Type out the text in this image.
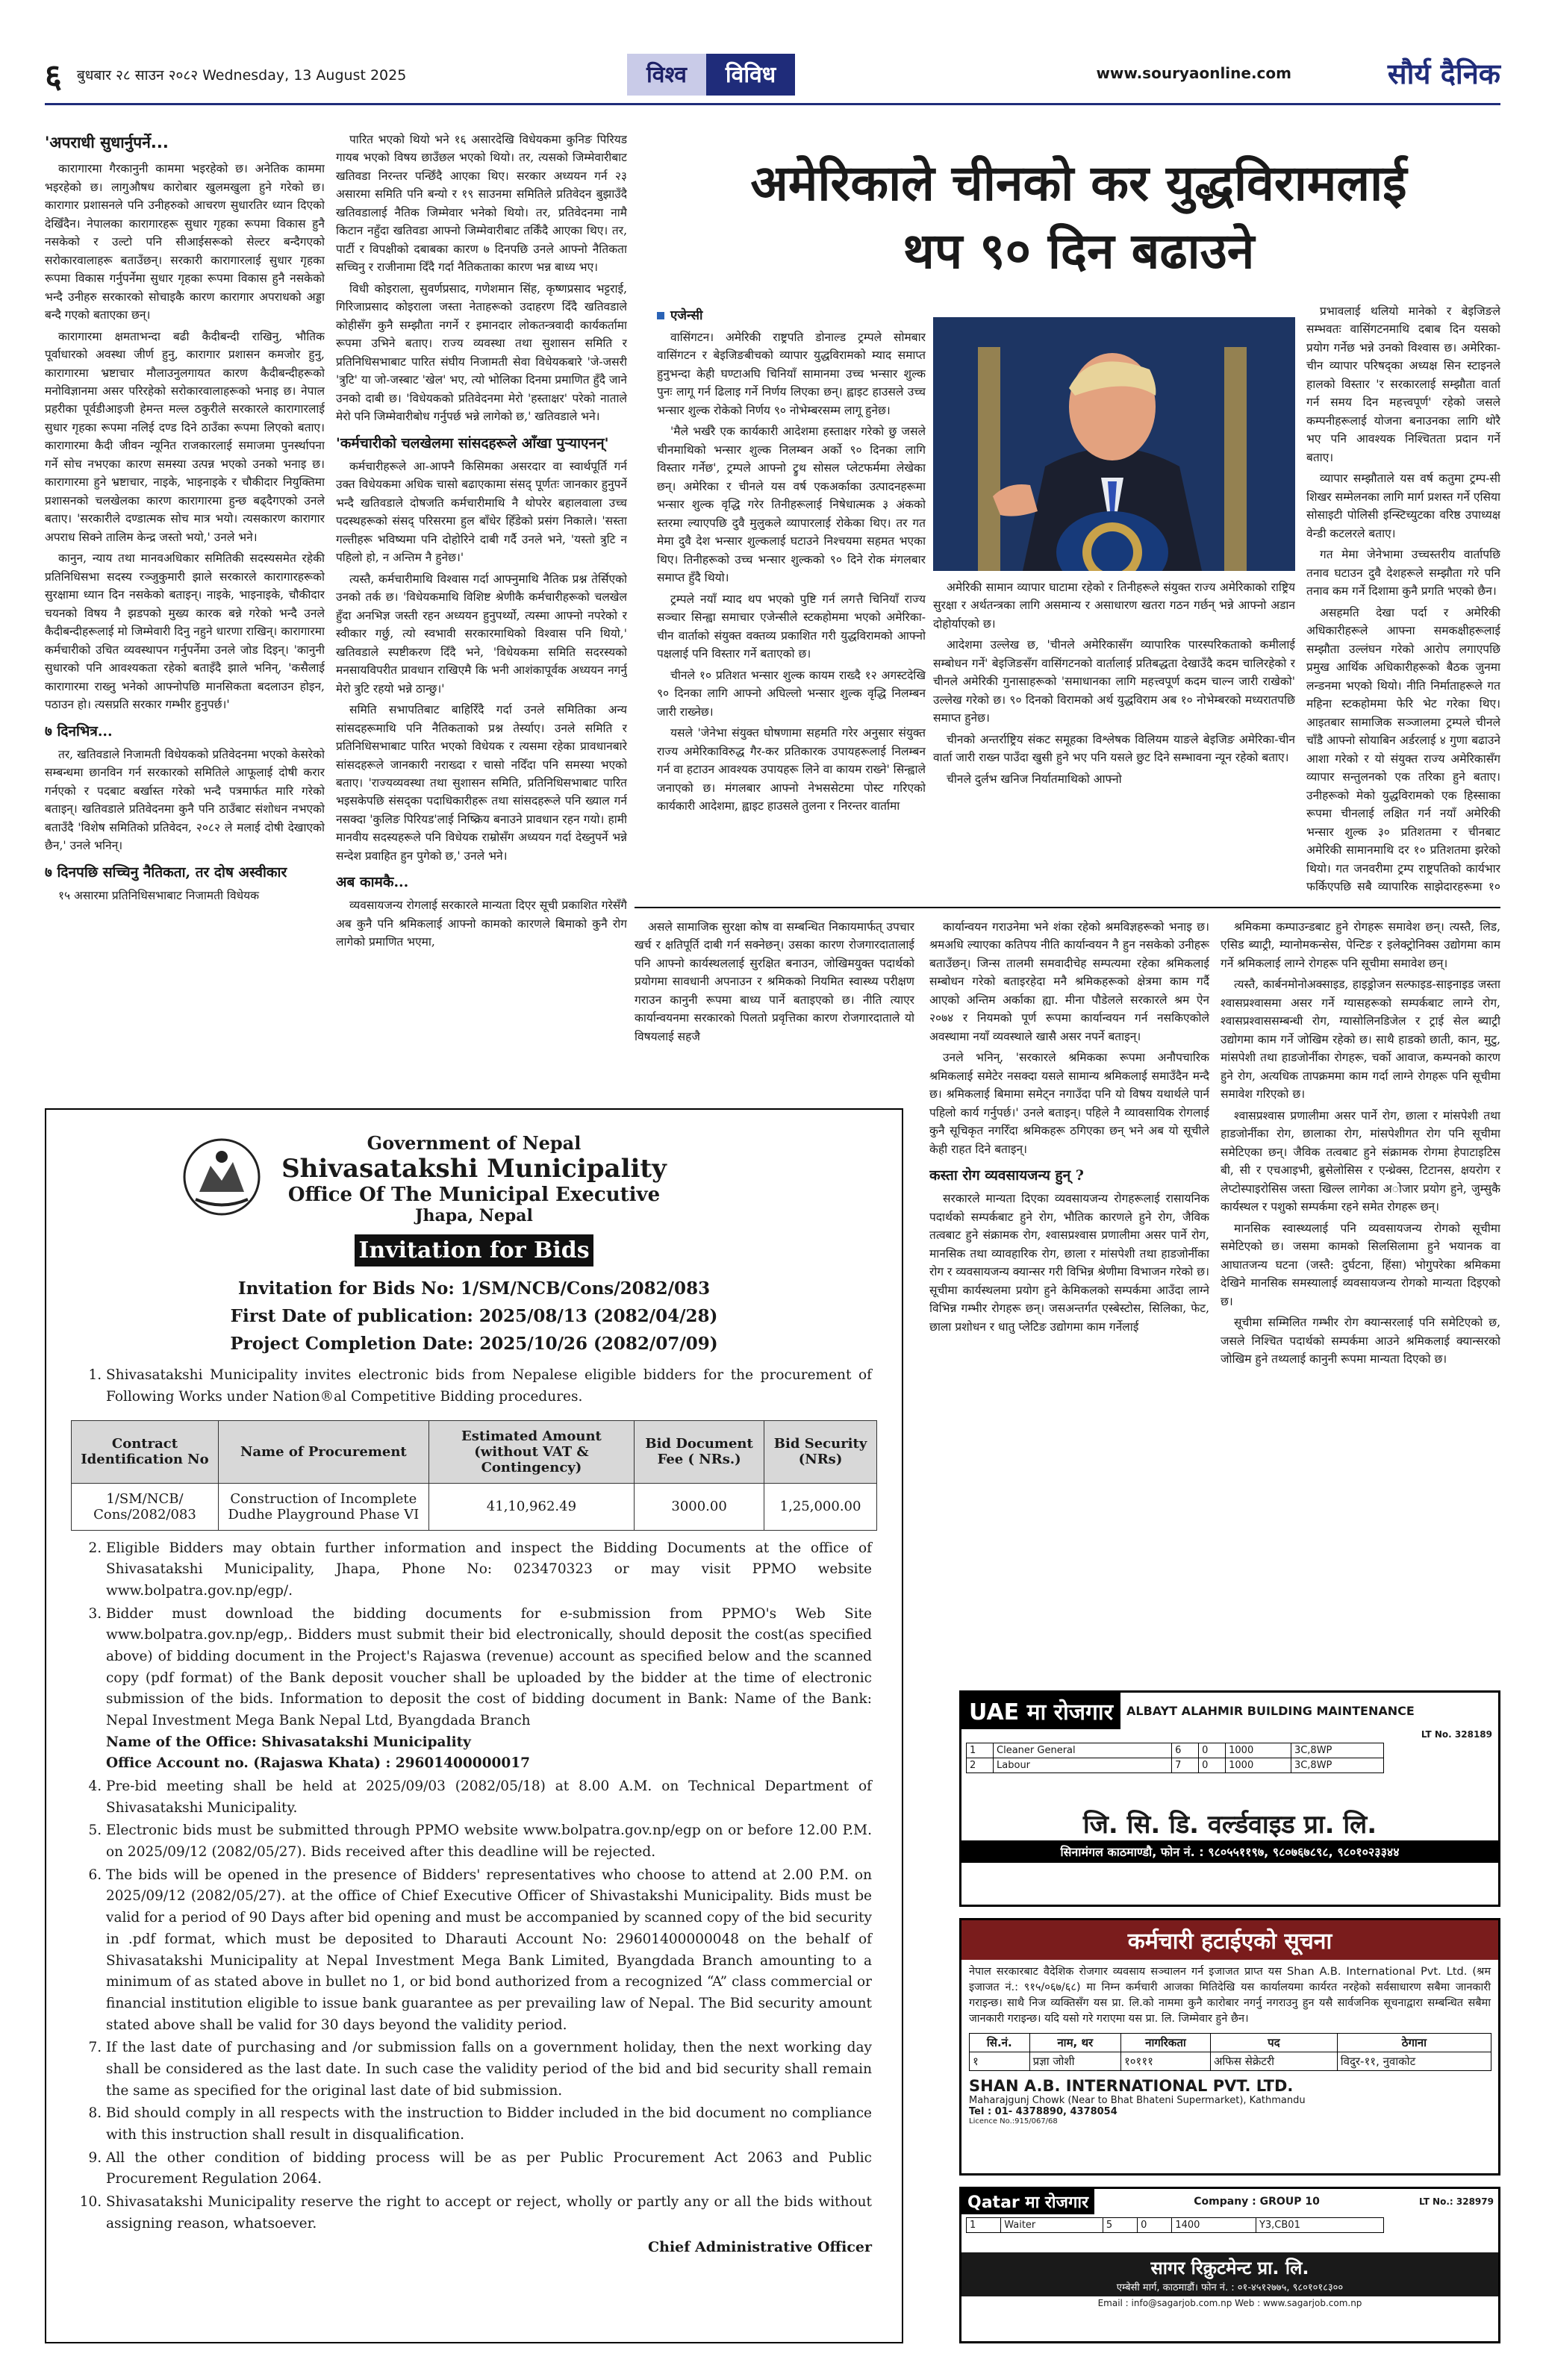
६ बुधबार २८ साउन २०८२ Wednesday, 13 August 2025	विश्व	विविध	www.souryaonline.com	सौर्य दैनिक
'अपराधी सुधार्नुपर्ने...

कारागारमा गैरकानुनी काममा भइरहेको छ। अनेतिक काममा भइरहेको छ। लागुऔषध कारोबार खुलमखुला हुने गरेको छ। कारागार प्रशासनले पनि उनीहरुको आचरण सुधारतिर ध्यान दिएको देखिँदैन। नेपालका कारागारहरू सुधार गृहका रूपमा विकास हुनै नसकेको र उल्टो पनि सीआईसरूको सेल्टर बन्दैगएको सरोकारवालाहरू बताउँछन्। सरकारी कारागारलाई सुधार गृहका रूपमा विकास गर्नुपर्नेमा सुधार गृहका रूपमा विकास हुनै नसकेको भन्दै उनीहरु सरकारको सोचाइकै कारण कारागार अपराधको अड्डा बन्दै गएको बताएका छन्।

कारागारमा क्षमताभन्दा बढी कैदीबन्दी राखिनु, भौतिक पूर्वाधारको अवस्था जीर्ण हुनु, कारागार प्रशासन कमजोर हुनु, कारागारमा भ्रष्टाचार मौलाउनुलगायत कारण कैदीबन्दीहरूको मनोविज्ञानमा असर परिरहेको सरोकारवालाहरूको भनाइ छ। नेपाल प्रहरीका पूर्वडीआइजी हेमन्त मल्ल ठकुरीले सरकारले कारागारलाई सुधार गृहका रूपमा नलिई दण्ड दिने ठाउँका रूपमा लिएको बताए। कारागारमा कैदी जीवन न्यूनित राजकारलाई समाजमा पुनर्स्थापना गर्ने सोच नभएका कारण समस्या उत्पन्न भएको उनको भनाइ छ। कारागारमा हुने भ्रष्टाचार, नाइके, भाइनाइके र चौकीदार नियुक्तिमा प्रशासनको चलखेलका कारण कारागारमा हुन्छ बढ्दैगएको उनले बताए। 'सरकारीले दण्डात्मक सोच मात्र भयो। त्यसकारण कारागार अपराध सिक्ने तालिम केन्द्र जस्तो भयो,' उनले भने।

कानुन, न्याय तथा मानवअधिकार समितिकी सदस्यसमेत रहेकी प्रतिनिधिसभा सदस्य रञ्जुकुमारी झाले सरकारले कारागारहरूको सुरक्षामा ध्यान दिन नसकेको बताइन्। नाइके, भाइनाइके, चौकीदार चयनको विषय नै झडपको मुख्य कारक बन्ने गरेको भन्दै उनले कैदीबन्दीहरूलाई मो जिम्मेवारी दिनु नहुने धारणा राखिन्। कारागारमा कर्मचारीको उचित व्यवस्थापन गर्नुपर्नेमा उनले जोड दिइन्। 'कानुनी सुधारको पनि आवश्यकता रहेको बताइँदै झाले भनिन्, 'कसैलाई कारागारमा राख्नु भनेको आफ्नोपछि मानसिकता बदलाउन होइन, पठाउन हो। त्यसप्रति सरकार गम्भीर हुनुपर्छ।'

७ दिनभित्र...

तर, खतिवडाले निजामती विधेयकको प्रतिवेदनमा भएको केसरेको सम्बन्धमा छानविन गर्न सरकारको समितिले आफूलाई दोषी करार गर्नएको र पदबाट बर्खास्त गरेको भन्दै पत्रमार्फत मारि गरेको बताइन्। खतिवडाले प्रतिवेदनमा कुनै पनि ठाउँबाट संशोधन नभएको बताउँदै 'विशेष समितिको प्रतिवेदन, २०८२ ले मलाई दोषी देखाएको छैन,' उनले भनिन्।

७ दिनपछि सच्चिनु नैतिकता, तर दोष अस्वीकार

१५ असारमा प्रतिनिधिसभाबाट निजामती विधेयक

पारित भएको थियो भने १६ असारदेखि विधेयकमा कुनिङ पिरियड गायब भएको विषय छाउँछल भएको थियो। तर, त्यसको जिम्मेवारीबाट खतिवडा निरन्तर पन्छिँदै आएका थिए। सरकार अध्ययन गर्न २३ असारमा समिति पनि बन्यो र १९ साउनमा समितिले प्रतिवेदन बुझाउँदै खतिवडालाई नैतिक जिम्मेवार भनेको थियो। तर, प्रतिवेदनमा नामै किटान नहुँदा खतिवडा आफ्नो जिम्मेवारीबाट तर्किँदै आएका थिए। तर, पार्टी र विपक्षीको दबाबका कारण ७ दिनपछि उनले आफ्नो नैतिकता सच्चिनु र राजीनामा दिँदै गर्दा नैतिकताका कारण भन्न बाध्य भए।

विधी कोइराला, सुवर्णप्रसाद, गणेशमान सिंह, कृष्णप्रसाद भट्टराई, गिरिजाप्रसाद कोइराला जस्ता नेताहरूको उदाहरण दिँदै खतिवडाले कोहीसँग कुनै सम्झौता नगर्ने र इमानदार लोकतन्त्रवादी कार्यकर्तामा रूपमा उभिने बताए। राज्य व्यवस्था तथा सुशासन समिति र प्रतिनिधिसभाबाट पारित संघीय निजामती सेवा विधेयकबारे 'जे-जसरी 'त्रुटि' या जो-जस्बाट 'खेल' भए, त्यो भोलिका दिनमा प्रमाणित हुँदै जाने उनको दाबी छ। 'विधेयकको प्रतिवेदनमा मेरो 'हस्ताक्षर' परेको नाताले मेरो पनि जिम्मेवारीबोध गर्नुपर्छ भन्ने लागेको छ,' खतिवडाले भने।

'कर्मचारीको चलखेलमा सांसदहरूले आँखा पुऱ्याएनन्'

कर्मचारीहरूले आ-आफ्नै किसिमका असरदार वा स्वार्थपूर्ति गर्न उक्त विधेयकमा अधिक चासो बढाएकामा संसद् पूर्णतः जानकार हुनुपर्ने भन्दै खतिवडाले दोषजति कर्मचारीमाथि नै थोपरेर बहालवाला उच्च पदस्थहरूको संसद् परिसरमा हुल बाँधेर हिँडेको प्रसंग निकाले। 'सस्ता गल्तीहरू भविष्यमा पनि दोहोरिने दाबी गर्दै उनले भने, 'यस्तो त्रुटि न पहिलो हो, न अन्तिम नै हुनेछ।'

त्यस्तै, कर्मचारीमाथि विश्वास गर्दा आफ्नुमाथि नैतिक प्रश्न तेर्सिएको उनको तर्क छ। 'विधेयकमाथि विशिष्ट श्रेणीकै कर्मचारीहरूको चलखेल हुँदा अनभिज्ञ जस्ती रहन अध्ययन हुनुपर्थ्यो, त्यस्मा आफ्नो नपरेको र स्वीकार गर्छु, त्यो स्वभावी सरकारमाथिको विश्वास पनि थियो,' खतिवडाले स्पष्टीकरण दिँदै भने, 'विधेयकमा समिति सदरस्यको मनसायविपरीत प्रावधान राखिएमै कि भनी आशंकापूर्वक अध्ययन नगर्नु मेरो त्रुटि रहयो भन्ने ठान्छु।'

समिति सभापतिबाट बाहिरिँदै गर्दा उनले समितिका अन्य सांसदहरूमाथि पनि नैतिकताको प्रश्न तेर्स्याए। उनले समिति र प्रतिनिधिसभाबाट पारित भएको विधेयक र त्यसमा रहेका प्रावधानबारे सांसदहरूले जानकारी नराख्दा र चासो नदिँदा पनि समस्या भएको बताए। 'राज्यव्यवस्था तथा सुशासन समिति, प्रतिनिधिसभाबाट पारित भइसकेपछि संसद्का पदाधिकारीहरू तथा सांसदहरूले पनि ख्याल गर्न नसक्दा 'कुलिङ पिरियड'लाई निष्क्रिय बनाउने प्रावधान रहन गयो। हामी मानवीय सदस्यहरूले पनि विधेयक राम्रोसँग अध्ययन गर्दा देख्नुपर्ने भन्ने सन्देश प्रवाहित हुन पुगेको छ,' उनले भने।

अब कामकै...

व्यवसायजन्य रोगलाई सरकारले मान्यता दिएर सूची प्रकाशित गरेसँगै अब कुनै पनि श्रमिकलाई आफ्नो कामको कारणले बिमाको कुनै रोग लागेको प्रमाणित भएमा,

अमेरिकाले चीनको कर युद्धविरामलाई
थप ९० दिन बढाउने
एजेन्सी

वासिंगटन। अमेरिकी राष्ट्रपति डोनाल्ड ट्रम्पले सोमबार वासिंगटन र बेइजिङबीचको व्यापार युद्धविरामको म्याद समाप्त हुनुभन्दा केही घण्टाअघि चिनियाँ सामानमा उच्च भन्सार शुल्क पुनः लागू गर्न ढिलाइ गर्ने निर्णय लिएका छन्। ह्वाइट हाउसले उच्च भन्सार शुल्क रोकेको निर्णय ९० नोभेम्बरसम्म लागू हुनेछ।

'मैले भर्खरै एक कार्यकारी आदेशमा हस्ताक्षर गरेको छु जसले चीनमाथिको भन्सार शुल्क निलम्बन अर्को ९० दिनका लागि विस्तार गर्नेछ', ट्रम्पले आफ्नो ट्रुथ सोसल प्लेटफर्ममा लेखेका छन्। अमेरिका र चीनले यस वर्ष एकअर्काका उत्पादनहरूमा भन्सार शुल्क वृद्धि गरेर तिनीहरूलाई निषेधात्मक ३ अंकको स्तरमा ल्याएपछि दुवै मुलुकले व्यापारलाई रोकेका थिए। तर गत मेमा दुवै देश भन्सार शुल्कलाई घटाउने निश्चयमा सहमत भएका थिए। तिनीहरूको उच्च भन्सार शुल्कको ९० दिने रोक मंगलबार समाप्त हुँदै थियो।

ट्रम्पले नयाँ म्याद थप भएको पुष्टि गर्न लगत्तै चिनियाँ राज्य सञ्चार सिन्ह्वा समाचार एजेन्सीले स्टकहोममा भएको अमेरिका-चीन वार्ताको संयुक्त वक्तव्य प्रकाशित गरी युद्धविरामको आफ्नो पक्षलाई पनि विस्तार गर्ने बताएको छ।

चीनले १० प्रतिशत भन्सार शुल्क कायम राख्दै १२ अगस्टदेखि ९० दिनका लागि आफ्नो अघिल्लो भन्सार शुल्क वृद्धि निलम्बन जारी राख्नेछ।

यसले 'जेनेभा संयुक्त घोषणामा सहमति गरेर अनुसार संयुक्त राज्य अमेरिकाविरुद्ध गैर-कर प्रतिकारक उपायहरूलाई निलम्बन गर्न वा हटाउन आवश्यक उपायहरू लिने वा कायम राख्ने' सिन्ह्वाले जनाएको छ। मंगलबार आफ्नो नेभससेटमा पोस्ट गरिएको कार्यकारी आदेशमा, ह्वाइट हाउसले तुलना र निरन्तर वार्तामा

अमेरिकी सामान व्यापार घाटामा रहेको र तिनीहरूले संयुक्त राज्य अमेरिकाको राष्ट्रिय सुरक्षा र अर्थतन्त्रका लागि असमान्य र असाधारण खतरा गठन गर्छन् भन्ने आफ्नो अडान दोहोर्याएको छ।

आदेशमा उल्लेख छ, 'चीनले अमेरिकासँग व्यापारिक पारस्परिकताको कमीलाई सम्बोधन गर्ने' बेइजिङसँग वासिंगटनको वार्तालाई प्रतिबद्धता देखाउँदै कदम चालिरहेको र चीनले अमेरिकी गुनासाहरूको 'समाधानका लागि महत्त्वपूर्ण कदम चाल्न जारी राखेको' उल्लेख गरेको छ। ९० दिनको विरामको अर्थ युद्धविराम अब १० नोभेम्बरको मध्यरातपछि समाप्त हुनेछ।

चीनको अन्तर्राष्ट्रिय संकट समूहका विश्लेषक विलियम याङले बेइजिङ अमेरिका-चीन वार्ता जारी राख्न पाउँदा खुसी हुने भए पनि यसले छुट दिने सम्भावना न्यून रहेको बताए।

चीनले दुर्लभ खनिज निर्यातमाथिको आफ्नो

प्रभावलाई थलियो मानेको र बेइजिङले सम्भवतः वासिंगटनमाथि दबाब दिन यसको प्रयोग गर्नेछ भन्ने उनको विश्वास छ। अमेरिका-चीन व्यापार परिषद्का अध्यक्ष सिन स्टाइनले हालको विस्तार 'र सरकारलाई सम्झौता वार्ता गर्न समय दिन महत्त्वपूर्ण' रहेको जसले कम्पनीहरूलाई योजना बनाउनका लागि थोरै भए पनि आवश्यक निश्चितता प्रदान गर्ने बताए।

व्यापार सम्झौताले यस वर्ष कतुमा ट्रम्प-सी शिखर सम्मेलनका लागि मार्ग प्रशस्त गर्ने एसिया सोसाइटी पोलिसी इन्स्टिच्युटका वरिष्ठ उपाध्यक्ष वेन्डी कटलरले बताए।

गत मेमा जेनेभामा उच्चस्तरीय वार्तापछि तनाव घटाउन दुवै देशहरूले सम्झौता गरे पनि तनाव कम गर्ने दिशामा कुनै प्रगति भएको छैन।

असहमति देखा पर्दा र अमेरिकी अधिकारीहरूले आफ्ना समकक्षीहरूलाई सम्झौता उल्लंघन गरेको आरोप लगाएपछि प्रमुख आर्थिक अधिकारीहरूको बैठक जुनमा लन्डनमा भएको थियो। नीति निर्माताहरूले गत महिना स्टकहोममा फेरि भेट गरेका थिए। आइतबार सामाजिक सञ्जालमा ट्रम्पले चीनले चाँडै आफ्नो सोयाबिन अर्डरलाई ४ गुणा बढाउने आशा गरेको र यो संयुक्त राज्य अमेरिकासँग व्यापार सन्तुलनको एक तरिका हुने बताए। उनीहरूको मेको युद्धविरामको एक हिस्साका रूपमा चीनलाई लक्षित गर्न नयाँ अमेरिकी भन्सार शुल्क ३० प्रतिशतमा र चीनबाट अमेरिकी सामानमाथि दर १० प्रतिशतमा झरेको थियो। गत जनवरीमा ट्रम्प राष्ट्रपतिको कार्यभार फर्किएपछि सबै व्यापारिक साझेदारहरूमा १०

असले सामाजिक सुरक्षा कोष वा सम्बन्धित निकायमार्फत् उपचार खर्च र क्षतिपूर्ति दाबी गर्न सक्नेछन्। उसका कारण रोजगारदातालाई पनि आफ्नो कार्यस्थललाई सुरक्षित बनाउन, जोखिमयुक्त पदार्थको प्रयोगमा सावधानी अपनाउन र श्रमिकको नियमित स्वास्थ्य परीक्षण गराउन कानुनी रूपमा बाध्य पार्ने बताइएको छ। नीति त्याएर कार्यान्वयनमा सरकारको पिलतो प्रवृत्तिका कारण रोजगारदाताले यो विषयलाई सहजै

कार्यान्वयन गराउनेमा भने शंका रहेको श्रमविज्ञहरूको भनाइ छ। श्रमअधि ल्याएका कतिपय नीति कार्यान्वयन नै हुन नसकेको उनीहरू बताउँछन्। जिन्स तालमी समवादीचेह सम्पत्यमा रहेका श्रमिकलाई सम्बोधन गरेको बताइरहेदा मनै श्रमिकहरूको क्षेत्रमा काम गर्दै आएको अन्तिम अर्काका ह्या. मीना पौडेलले सरकारले श्रम ऐन २०७४ र नियमको पूर्ण रूपमा कार्यान्वयन गर्न नसकिएकोले अवस्थामा नयाँ व्यवस्थाले खासै असर नपर्ने बताइन्।

उनले भनिन्, 'सरकारले श्रमिकका रूपमा अनौपचारिक श्रमिकलाई समेटेर नसक्दा यसले सामान्य श्रमिकलाई समाउँदैन मन्दै छ। श्रमिकलाई बिमामा समेट्न नगाउँदा पनि यो विषय यथार्थले पार्न पहिलो कार्य गर्नुपर्छ।' उनले बताइन्। पहिले नै व्यावसायिक रोगलाई कुनै सूचिकृत नगरिँदा श्रमिकहरू ठगिएका छन् भने अब यो सूचीले केही राहत दिने बताइन्।

कस्ता रोग व्यवसायजन्य हुन् ?

सरकारले मान्यता दिएका व्यवसायजन्य रोगहरूलाई रासायनिक पदार्थको सम्पर्कबाट हुने रोग, भौतिक कारणले हुने रोग, जैविक तत्वबाट हुने संक्रामक रोग, श्वासप्रश्वास प्रणालीमा असर पार्ने रोग, मानसिक तथा व्यावहारिक रोग, छाला र मांसपेशी तथा हाडजोर्नीका रोग र व्यवसायजन्य क्यान्सर गरी विभिन्न श्रेणीमा विभाजन गरेको छ। सूचीमा कार्यस्थलमा प्रयोग हुने केमिकलको सम्पर्कमा आउँदा लाग्ने विभिन्न गम्भीर रोगहरू छन्। जसअन्तर्गत एस्बेस्टोस, सिलिका, फेट, छाला प्रशोधन र धातु प्लेटिङ उद्योगमा काम गर्नेलाई

श्रमिकमा कम्पाउन्डबाट हुने रोगहरू समावेश छन्। त्यस्तै, लिड, एसिड ब्याट्री, म्यानोमकन्सेस, पेन्टिङ र इलेक्ट्रोनिक्स उद्योगमा काम गर्ने श्रमिकलाई लाग्ने रोगहरू पनि सूचीमा समावेश छन्।

त्यस्तै, कार्बनमोनोअक्साइड, हाइड्रोजन सल्फाइड-साइनाइड जस्ता श्वासप्रश्वासमा असर गर्ने ग्यासहरूको सम्पर्कबाट लाग्ने रोग, श्वासप्रश्वाससम्बन्धी रोग, ग्यासोलिनडिजेल र ट्राई सेल ब्याट्री उद्योगमा काम गर्ने जोखिम रहेको छ। साथै हाडको छाती, कान, मुटु, मांसपेशी तथा हाडजोर्नीका रोगहरू, चर्को आवाज, कम्पनको कारण हुने रोग, अत्यधिक तापक्रममा काम गर्दा लाग्ने रोगहरू पनि सूचीमा समावेश गरिएको छ।

श्वासप्रश्वास प्रणालीमा असर पार्ने रोग, छाला र मांसपेशी तथा हाडजोर्नीका रोग, छालाका रोग, मांसपेशीगत रोग पनि सूचीमा समेटिएका छन्। जैविक तत्वबाट हुने संक्रामक रोगमा हेपाटाइटिस बी, सी र एचआइभी, ब्रुसेलोसिस र एन्थ्रेक्स, टिटानस, क्षयरोग र लेप्टोस्पाइरोसिस जस्ता खिल्ल लागेका अोजार प्रयोग हुने, जुम्सुकै कार्यस्थल र पशुको सम्पर्कमा रहने समेत रोगहरू छन्।

मानसिक स्वास्थ्यलाई पनि व्यवसायजन्य रोगको सूचीमा समेटिएको छ। जसमा कामको सिलसिलामा हुने भयानक वा आघातजन्य घटना (जस्तै: दुर्घटना, हिंसा) भोगुपरेका श्रमिकमा देखिने मानसिक समस्यालाई व्यवसायजन्य रोगको मान्यता दिइएको छ।

सूचीमा सम्मिलित गम्भीर रोग क्यान्सरलाई पनि समेटिएको छ, जसले निश्चित पदार्थको सम्पर्कमा आउने श्रमिकलाई क्यान्सरको जोखिम हुने तथ्यलाई कानुनी रूपमा मान्यता दिएको छ।

Government of Nepal
Shivasatakshi Municipality
Office Of The Municipal Executive
Jhapa, Nepal
Invitation for Bids
Invitation for Bids No: 1/SM/NCB/Cons/2082/083
First Date of publication: 2025/08/13 (2082/04/28)
Project Completion Date: 2025/10/26 (2082/07/09)
1. Shivasatakshi Municipality invites electronic bids from Nepalese eligible bidders for the procurement of Following Works under Nation®al Competitive Bidding procedures.
Contract Identification No	Name of Procurement	Estimated Amount (without VAT & Contingency)	Bid Document Fee ( NRs.)	Bid Security (NRs)
1/SM/NCB/ Cons/2082/083	Construction of Incomplete Dudhe Playground Phase VI	41,10,962.49	3000.00	1,25,000.00
2. Eligible Bidders may obtain further information and inspect the Bidding Documents at the office of Shivasatakshi Municipality, Jhapa, Phone No: 023470323 or may visit PPMO website www.bolpatra.gov.np/egp/.
3. Bidder must download the bidding documents for e-submission from PPMO's Web Site www.bolpatra.gov.np/egp,. Bidders must submit their bid electronically, should deposit the cost(as specified above) of bidding document in the Project's Rajaswa (revenue) account as specified below and the scanned copy (pdf format) of the Bank deposit voucher shall be uploaded by the bidder at the time of electronic submission of the bids. Information to deposit the cost of bidding document in Bank: Name of the Bank: Nepal Investment Mega Bank Nepal Ltd, Byangdada Branch
Name of the Office: Shivasatakshi Municipality
Office Account no. (Rajaswa Khata) : 29601400000017
4. Pre-bid meeting shall be held at 2025/09/03 (2082/05/18) at 8.00 A.M. on Technical Department of Shivasatakshi Municipality.
5. Electronic bids must be submitted through PPMO website www.bolpatra.gov.np/egp on or before 12.00 P.M. on 2025/09/12 (2082/05/27). Bids received after this deadline will be rejected.
6. The bids will be opened in the presence of Bidders' representatives who choose to attend at 2.00 P.M. on 2025/09/12 (2082/05/27). at the office of Chief Executive Officer of Shivastakshi Municipality. Bids must be valid for a period of 90 Days after bid opening and must be accompanied by scanned copy of the bid security in .pdf format, which must be deposited to Dharauti Account No: 29601400000048 on the behalf of Shivasatakshi Municipality at Nepal Investment Mega Bank Limited, Byangdada Branch amounting to a minimum of as stated above in bullet no 1, or bid bond authorized from a recognized “A” class commercial or financial institution eligible to issue bank guarantee as per prevailing law of Nepal. The Bid security amount stated above shall be valid for 30 days beyond the validity period.
7. If the last date of purchasing and /or submission falls on a government holiday, then the next working day shall be considered as the last date. In such case the validity period of the bid and bid security shall remain the same as specified for the original last date of bid submission.
8. Bid should comply in all respects with the instruction to Bidder included in the bid document no compliance with this instruction shall result in disqualification.
9. All the other condition of bidding process will be as per Public Procurement Act 2063 and Public Procurement Regulation 2064.
10. Shivasatakshi Municipality reserve the right to accept or reject, wholly or partly any or all the bids without assigning reason, whatsoever.
Chief Administrative Officer
UAE मा रोजगार	ALBAYT ALAHMIR BUILDING MAINTENANCE
LT No. 328189
1	Cleaner General	6	0	1000	3C,8WP
2	Labour	7	0	1000	3C,8WP
जि. सि. डि. वर्ल्डवाइड प्रा. लि.
सिनामंगल काठमाण्डौ, फोन नं. : ९८०५५११९७, ९८०७६७८९८, ९८०१०२३३४४
कर्मचारी हटाईएको सूचना
नेपाल सरकारबाट वैदेशिक रोजगार व्यवसाय सञ्चालन गर्न इजाजत प्राप्त यस Shan A.B. International Pvt. Ltd. (श्रम इजाजत नं.: ९१५/०६७/६८) मा निम्न कर्मचारी आजका मितिदेखि यस कार्यालयमा कार्यरत नरहेको सर्वसाधारण सबैमा जानकारी गराइन्छ। साथै निज व्यक्तिसँग यस प्रा. लि.को नाममा कुनै कारोबार नगर्नु नगराउनु हुन यसै सार्वजनिक सूचनाद्वारा सम्बन्धित सबैमा जानकारी गराइन्छ। यदि यसो गरे गराएमा यस प्रा. लि. जिम्मेवार हुने छैन।
सि.नं.	नाम, थर	नागरिकता	पद	ठेगाना
१	प्रज्ञा जोशी	१०१११	अफिस सेक्रेटरी	विदुर-११, नुवाकोट
SHAN A.B. INTERNATIONAL PVT. LTD.
Maharajgunj Chowk (Near to Bhat Bhateni Supermarket), Kathmandu
Tel : 01- 4378890, 4378054
Licence No.:915/067/68
Qatar मा रोजगार	Company : GROUP 10	LT No.: 328979
1	Waiter	5	0	1400	Y3,CB01
सागर रिक्रुटमेन्ट प्रा. लि.
एम्बेसी मार्ग, काठमाडौं। फोन नं. : ०१-४५१२७७५, ९८०१०१८३००
Email : info@sagarjob.com.np Web : www.sagarjob.com.np
